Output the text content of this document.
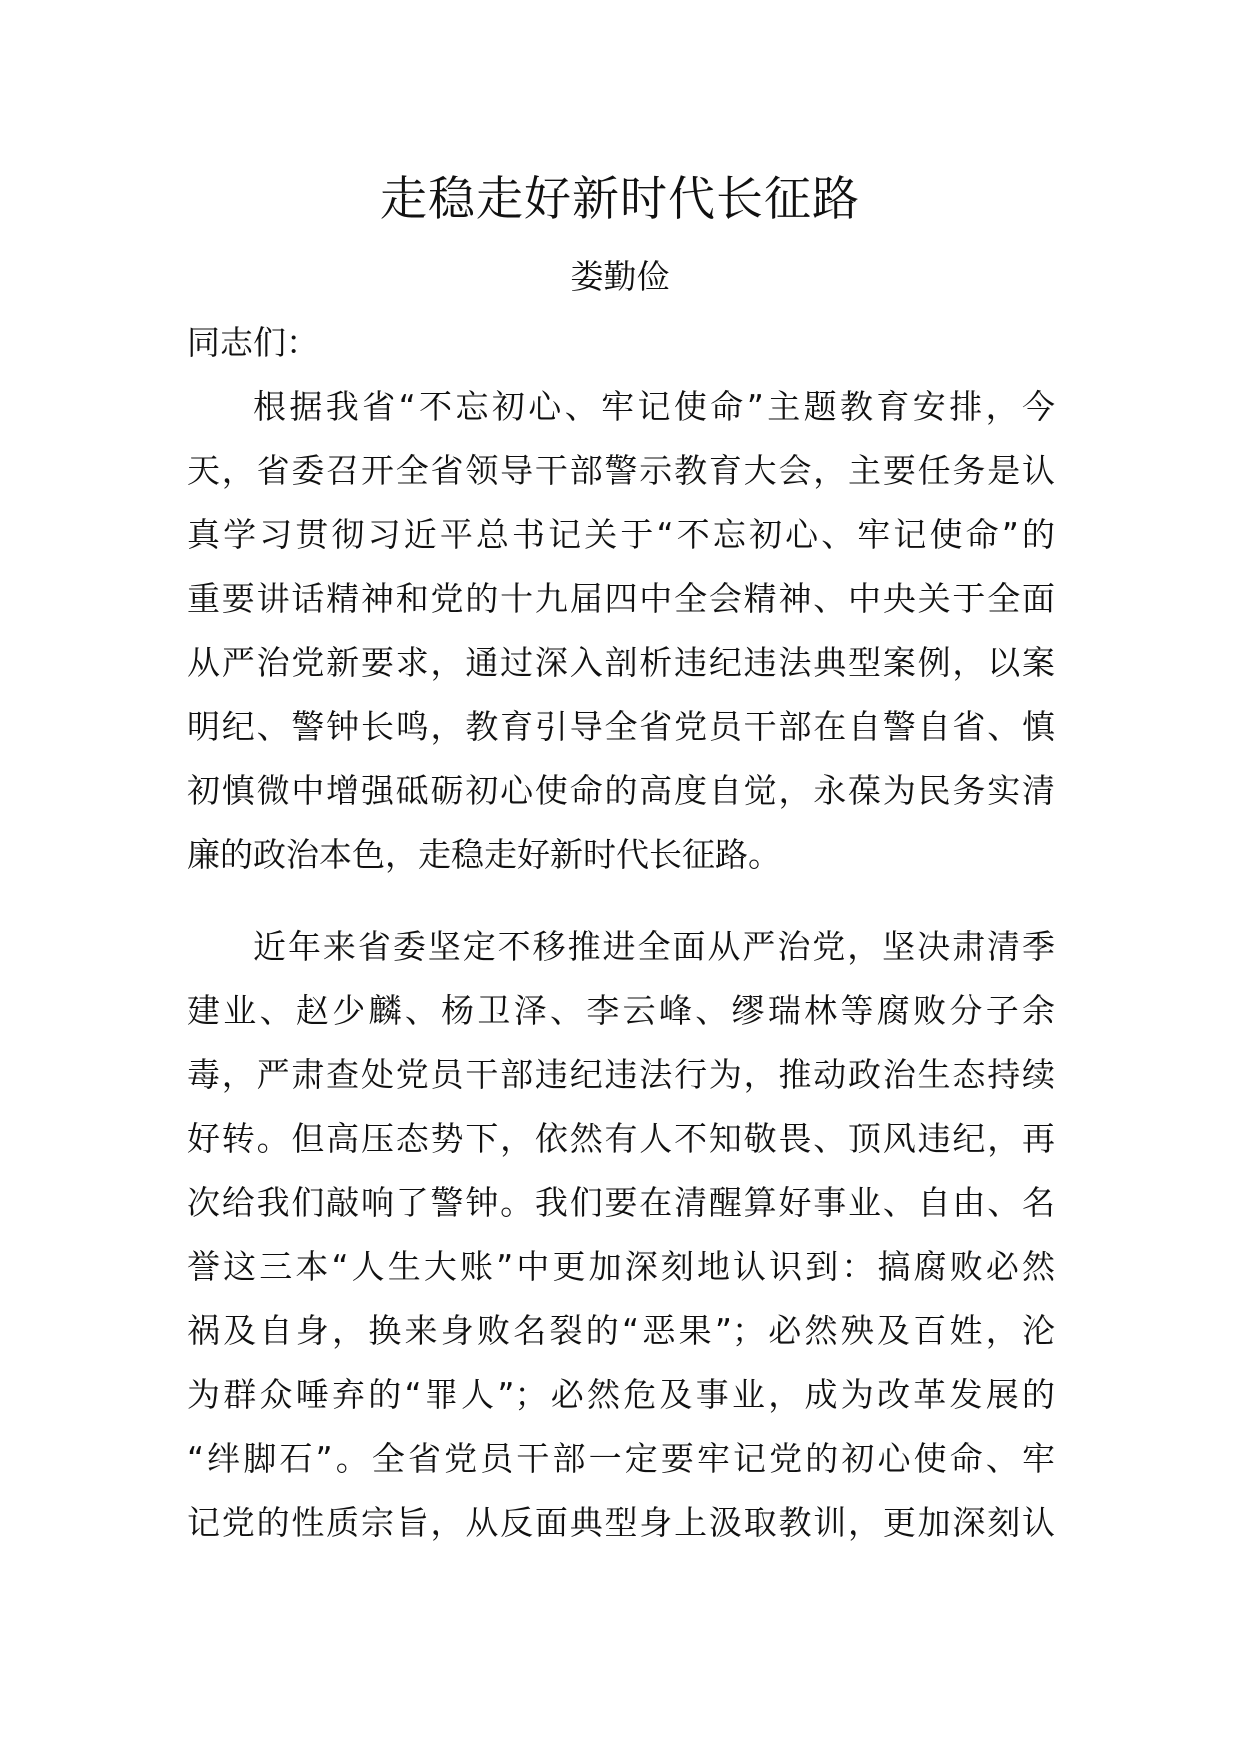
走稳走好新时代长征路
娄勤俭
同志们：
根据我省“不忘初心、牢记使命”主题教育安排，今
天，省委召开全省领导干部警示教育大会，主要任务是认
真学习贯彻习近平总书记关于“不忘初心、牢记使命”的
重要讲话精神和党的十九届四中全会精神、中央关于全面
从严治党新要求，通过深入剖析违纪违法典型案例，以案
明纪、警钟长鸣，教育引导全省党员干部在自警自省、慎
初慎微中增强砥砺初心使命的高度自觉，永葆为民务实清
廉的政治本色，走稳走好新时代长征路。
近年来省委坚定不移推进全面从严治党，坚决肃清季
建业、赵少麟、杨卫泽、李云峰、缪瑞林等腐败分子余
毒，严肃查处党员干部违纪违法行为，推动政治生态持续
好转。但高压态势下，依然有人不知敬畏、顶风违纪，再
次给我们敲响了警钟。我们要在清醒算好事业、自由、名
誉这三本“人生大账”中更加深刻地认识到：搞腐败必然
祸及自身，换来身败名裂的“恶果”；必然殃及百姓，沦
为群众唾弃的“罪人”；必然危及事业，成为改革发展的
“绊脚石”。全省党员干部一定要牢记党的初心使命、牢
记党的性质宗旨，从反面典型身上汲取教训，更加深刻认
